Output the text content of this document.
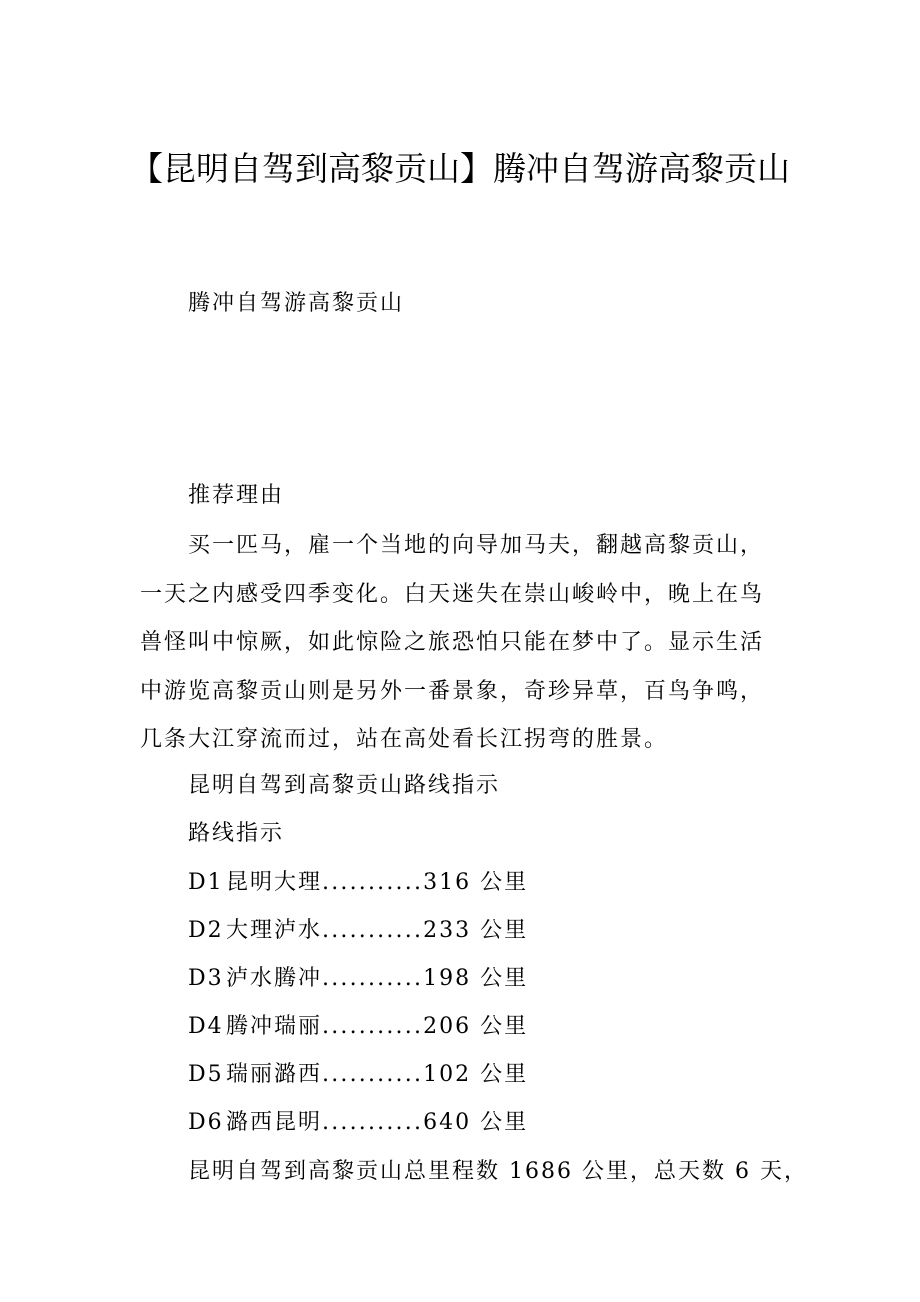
【昆明自驾到高黎贡山】腾冲自驾游高黎贡山

腾冲自驾游高黎贡山

推荐理由

买一匹马，雇一个当地的向导加马夫，翻越高黎贡山，
一天之内感受四季变化。白天迷失在崇山峻岭中，晚上在鸟
兽怪叫中惊厥，如此惊险之旅恐怕只能在梦中了。显示生活
中游览高黎贡山则是另外一番景象，奇珍异草，百鸟争鸣，
几条大江穿流而过，站在高处看长江拐弯的胜景。

昆明自驾到高黎贡山路线指示

路线指示

D1 昆明大理 ........... 316
公里

D2 大理泸水 ........... 233
公里

D3 泸水腾冲 ........... 198
公里

D4 腾冲瑞丽 ........... 206
公里

D5 瑞丽潞西 ........... 102
公里

D6 潞西昆明 ........... 640
公里

昆明自驾到高黎贡山总里程数 1686 公里，总天数 6 天，
